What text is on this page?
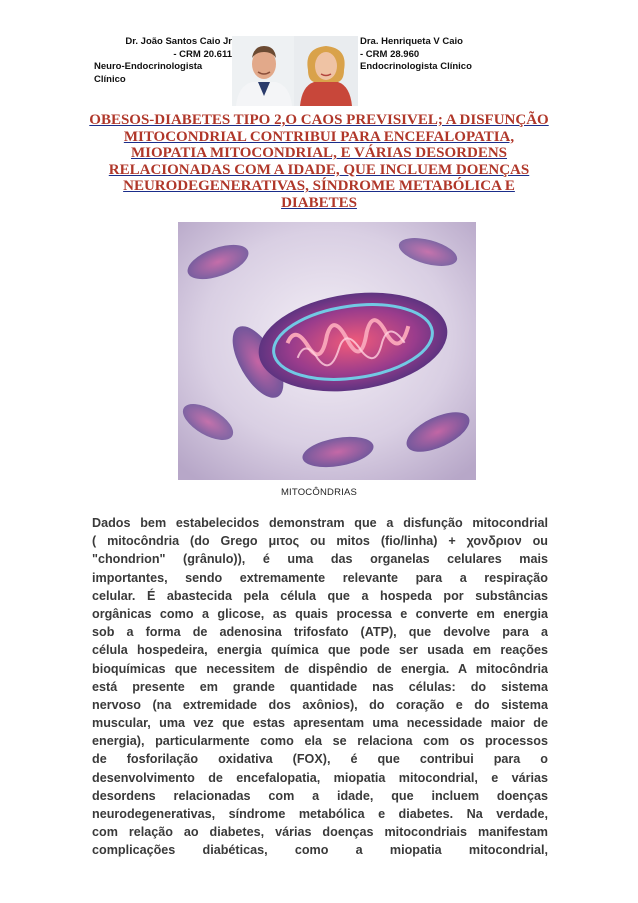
Dr. João Santos Caio Jr
- CRM 20.611
Neuro-Endocrinologista Clínico
Dra. Henriqueta V Caio
- CRM 28.960
Endocrinologista Clínico
OBESOS-DIABETES TIPO 2,O CAOS PREVISIVEL; A DISFUNÇÃO
MITOCONDRIAL CONTRIBUI PARA ENCEFALOPATIA,
MIOPATIA MITOCONDRIAL, E VÁRIAS DESORDENS
RELACIONADAS COM A IDADE, QUE INCLUEM DOENÇAS
NEURODEGENERATIVAS, SÍNDROME METABÓLICA E
DIABETES
MITOCÔNDRIAS
Dados bem estabelecidos demonstram que a disfunção mitocondrial
( mitocôndria (do Grego μιτος ou mitos (fio/linha) + χονδριον ou
"chondrion" (grânulo)), é uma das organelas celulares mais
importantes, sendo extremamente relevante para a respiração
celular. É abastecida pela célula que a hospeda por substâncias
orgânicas como a glicose, as quais processa e converte em energia
sob a forma de adenosina trifosfato (ATP), que devolve para a
célula hospedeira, energia química que pode ser usada em reações
bioquímicas que necessitem de dispêndio de energia. A mitocôndria
está presente em grande quantidade nas células: do sistema
nervoso (na extremidade dos axônios), do coração e do sistema
muscular, uma vez que estas apresentam uma necessidade maior de
energia), particularmente como ela se relaciona com os processos
de fosforilação oxidativa (FOX), é que contribui para o
desenvolvimento de encefalopatia, miopatia mitocondrial, e várias
desordens relacionadas com a idade, que incluem doenças
neurodegenerativas, síndrome metabólica e diabetes. Na verdade,
com relação ao diabetes, várias doenças mitocondriais manifestam
complicações diabéticas, como a miopatia mitocondrial,
